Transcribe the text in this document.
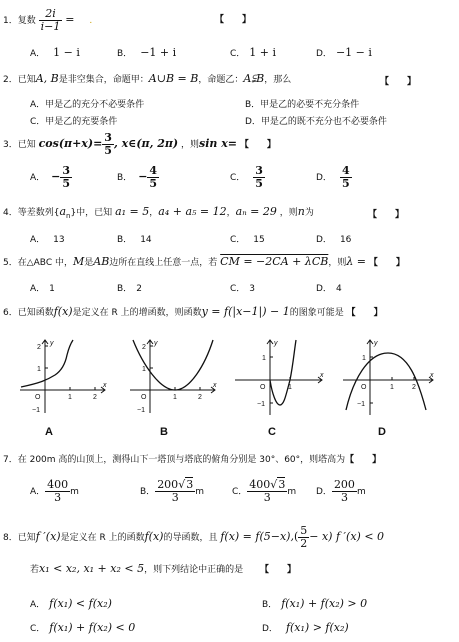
1．复数 $\frac{2i}{i-1}$ = .	【　　】
A． 1 − i	B． −1 + i	C． 1 + i	D． −1 − i
2．已知A, B是非空集合，命题甲：A∪B = B，命题乙：A⫋B，那么	【　　】
A．甲是乙的充分不必要条件	B．甲是乙的必要不充分条件
C．甲是乙的充要条件	D．甲是乙的既不充分也不必要条件
3．已知 $\cos(\pi+x)= \frac{3}{5}$ , x∈(π, 2π) ，则sin x= 【　　】
A． − $\frac{3}{5}$	B． − $\frac{4}{5}$	C． $\frac{3}{5}$	D． $\frac{4}{5}$
4．等差数列$\{a_n\}$中，已知 a₁ = 5，a₄ + a₅ = 12，aₙ = 29 ，则n为	【　　】
A． 13	B． 14	C． 15	D． 16
5．在△ABC 中，M是AB边所在直线上任意一点，若 CM = −2CA + λCB，则λ = 【　　】
A． 1	B． 2	C． 3	D． 4
6．已知函数f(x)是定义在 R 上的增函数，则函数y = f(|x−1|) − 1的图象可能是 【　　】
y
2
1
O
−1
1	2
x
A
y
2
1
O
−1
1	2
x
B
y
1
O
−1
1
x
C
y
1
O
−1
1	2
x
D
7．在 200m 高的山顶上，测得山下一塔顶与塔底的俯角分别是 30°、60°，则塔高为【　　】
A． $\frac{400}{3}$ m	B． $\frac{200√3}{3}$ m	C． $\frac{400√3}{3}$ m D． $\frac{200}{3}$ m
8．已知f ′(x)是定义在 R 上的函数f(x)的导函数，且 $f(x) = f(5-x),( \frac{5}{2} - x)$ f ′(x) < 0
若x₁ < x₂, x₁ + x₂ < 5，则下列结论中正确的是 【　　】
A． f(x₁) < f(x₂)	B． f(x₁) + f(x₂) > 0
C． f(x₁) + f(x₂) < 0	D． f(x₁) > f(x₂)
